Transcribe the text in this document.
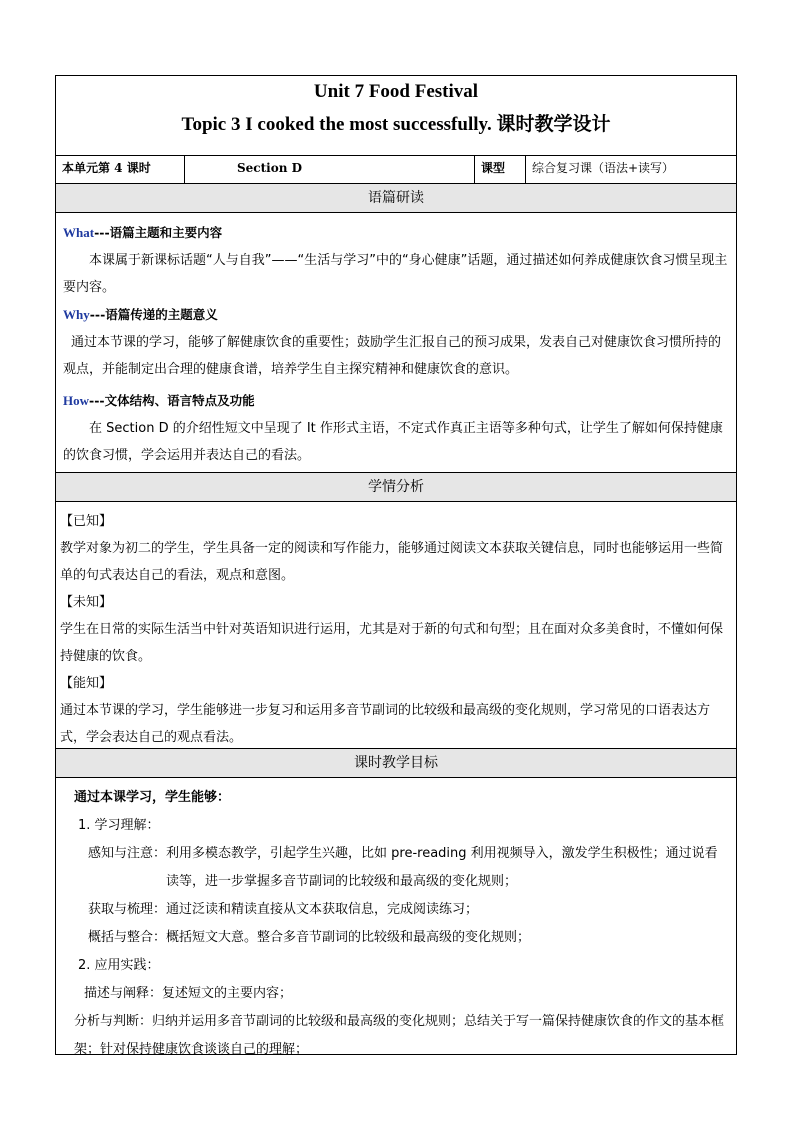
Unit 7 Food Festival
Topic 3 I cooked the most successfully. 课时教学设计
本单元第 4 课时	Section D	课型	综合复习课（语法+读写）
语篇研读

What---语篇主题和主要内容

本课属于新课标话题“人与自我”——“生活与学习”中的“身心健康”话题，通过描述如何养成健康饮食习惯呈现主要内容。

Why---语篇传递的主题意义

通过本节课的学习，能够了解健康饮食的重要性；鼓励学生汇报自己的预习成果，发表自己对健康饮食习惯所持的观点，并能制定出合理的健康食谱，培养学生自主探究精神和健康饮食的意识。

How---文体结构、语言特点及功能

在 Section D 的介绍性短文中呈现了 It 作形式主语，不定式作真正主语等多种句式，让学生了解如何保持健康的饮食习惯，学会运用并表达自己的看法。

学情分析

【已知】

教学对象为初二的学生，学生具备一定的阅读和写作能力，能够通过阅读文本获取关键信息，同时也能够运用一些简单的句式表达自己的看法，观点和意图。

【未知】

学生在日常的实际生活当中针对英语知识进行运用，尤其是对于新的句式和句型；且在面对众多美食时，不懂如何保持健康的饮食。

【能知】

通过本节课的学习，学生能够进一步复习和运用多音节副词的比较级和最高级的变化规则，学习常见的口语表达方式，学会表达自己的观点看法。

课时教学目标

通过本课学习，学生能够：

1. 学习理解：

感知与注意： 利用多模态教学，引起学生兴趣，比如 pre-reading 利用视频导入，激发学生积极性；通过说看读等，进一步掌握多音节副词的比较级和最高级的变化规则；
获取与梳理： 通过泛读和精读直接从文本获取信息，完成阅读练习；
概括与整合： 概括短文大意。整合多音节副词的比较级和最高级的变化规则；

2. 应用实践：

描述与阐释： 复述短文的主要内容；

分析与判断：归纳并运用多音节副词的比较级和最高级的变化规则；总结关于写一篇保持健康饮食的作文的基本框架；针对保持健康饮食谈谈自己的理解；
